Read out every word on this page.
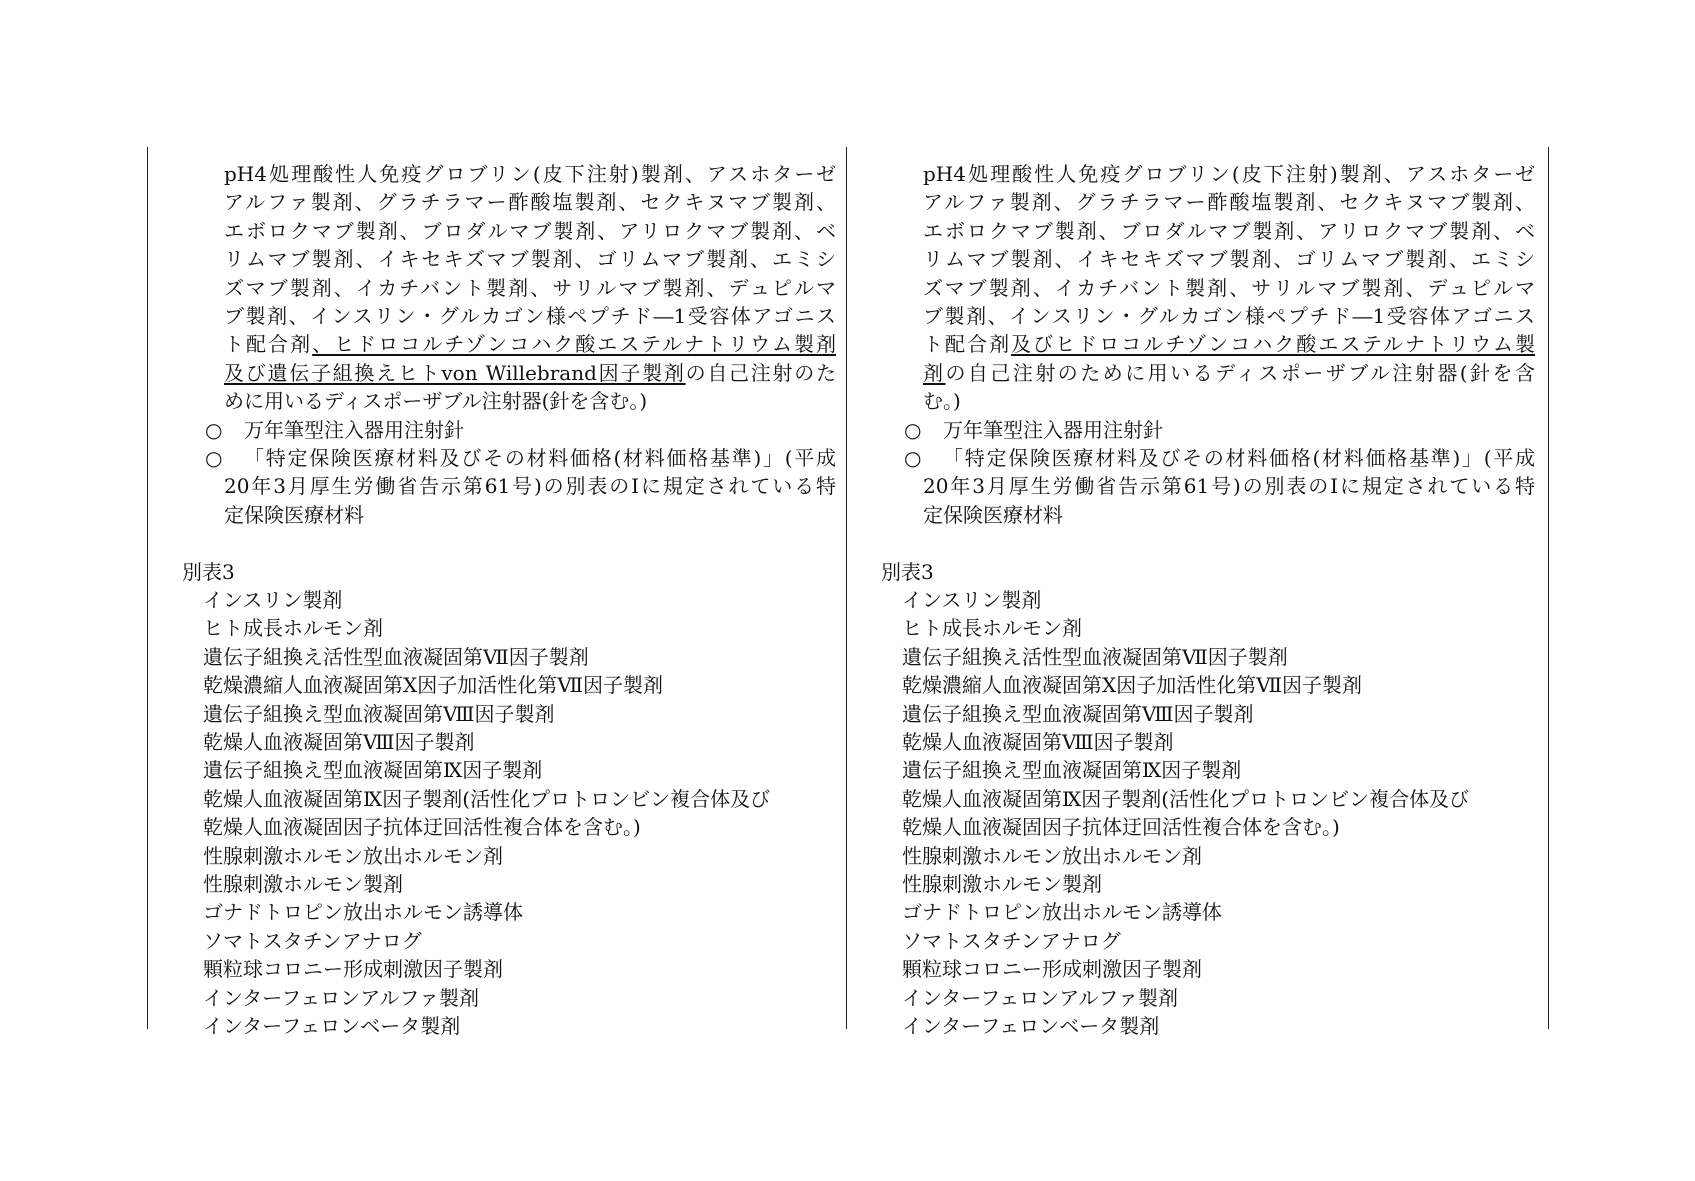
pH4処理酸性人免疫グロブリン(皮下注射)製剤、アスホターゼ
アルファ製剤、グラチラマー酢酸塩製剤、セクキヌマブ製剤、
エボロクマブ製剤、ブロダルマブ製剤、アリロクマブ製剤、ベ
リムマブ製剤、イキセキズマブ製剤、ゴリムマブ製剤、エミシ
ズマブ製剤、イカチバント製剤、サリルマブ製剤、デュピルマ
ブ製剤、インスリン・グルカゴン様ペプチド―1受容体アゴニス
ト配合剤、ヒドロコルチゾンコハク酸エステルナトリウム製剤
及び遺伝子組換えヒトvon Willebrand因子製剤の自己注射のた
めに用いるディスポーザブル注射器(針を含む。)
○ 万年筆型注入器用注射針
○ 「特定保険医療材料及びその材料価格(材料価格基準)」(平成
20年3月厚生労働省告示第61号)の別表のⅠに規定されている特
定保険医療材料
別表3
インスリン製剤
ヒト成長ホルモン剤
遺伝子組換え活性型血液凝固第Ⅶ因子製剤
乾燥濃縮人血液凝固第Ⅹ因子加活性化第Ⅶ因子製剤
遺伝子組換え型血液凝固第Ⅷ因子製剤
乾燥人血液凝固第Ⅷ因子製剤
遺伝子組換え型血液凝固第Ⅸ因子製剤
乾燥人血液凝固第Ⅸ因子製剤(活性化プロトロンビン複合体及び
乾燥人血液凝固因子抗体迂回活性複合体を含む。)
性腺刺激ホルモン放出ホルモン剤
性腺刺激ホルモン製剤
ゴナドトロピン放出ホルモン誘導体
ソマトスタチンアナログ
顆粒球コロニー形成刺激因子製剤
インターフェロンアルファ製剤
インターフェロンベータ製剤
pH4処理酸性人免疫グロブリン(皮下注射)製剤、アスホターゼ
アルファ製剤、グラチラマー酢酸塩製剤、セクキヌマブ製剤、
エボロクマブ製剤、ブロダルマブ製剤、アリロクマブ製剤、ベ
リムマブ製剤、イキセキズマブ製剤、ゴリムマブ製剤、エミシ
ズマブ製剤、イカチバント製剤、サリルマブ製剤、デュピルマ
ブ製剤、インスリン・グルカゴン様ペプチド―1受容体アゴニス
ト配合剤及びヒドロコルチゾンコハク酸エステルナトリウム製
剤の自己注射のために用いるディスポーザブル注射器(針を含
む。)
○ 万年筆型注入器用注射針
○ 「特定保険医療材料及びその材料価格(材料価格基準)」(平成
20年3月厚生労働省告示第61号)の別表のⅠに規定されている特
定保険医療材料
別表3
インスリン製剤
ヒト成長ホルモン剤
遺伝子組換え活性型血液凝固第Ⅶ因子製剤
乾燥濃縮人血液凝固第Ⅹ因子加活性化第Ⅶ因子製剤
遺伝子組換え型血液凝固第Ⅷ因子製剤
乾燥人血液凝固第Ⅷ因子製剤
遺伝子組換え型血液凝固第Ⅸ因子製剤
乾燥人血液凝固第Ⅸ因子製剤(活性化プロトロンビン複合体及び
乾燥人血液凝固因子抗体迂回活性複合体を含む。)
性腺刺激ホルモン放出ホルモン剤
性腺刺激ホルモン製剤
ゴナドトロピン放出ホルモン誘導体
ソマトスタチンアナログ
顆粒球コロニー形成刺激因子製剤
インターフェロンアルファ製剤
インターフェロンベータ製剤
